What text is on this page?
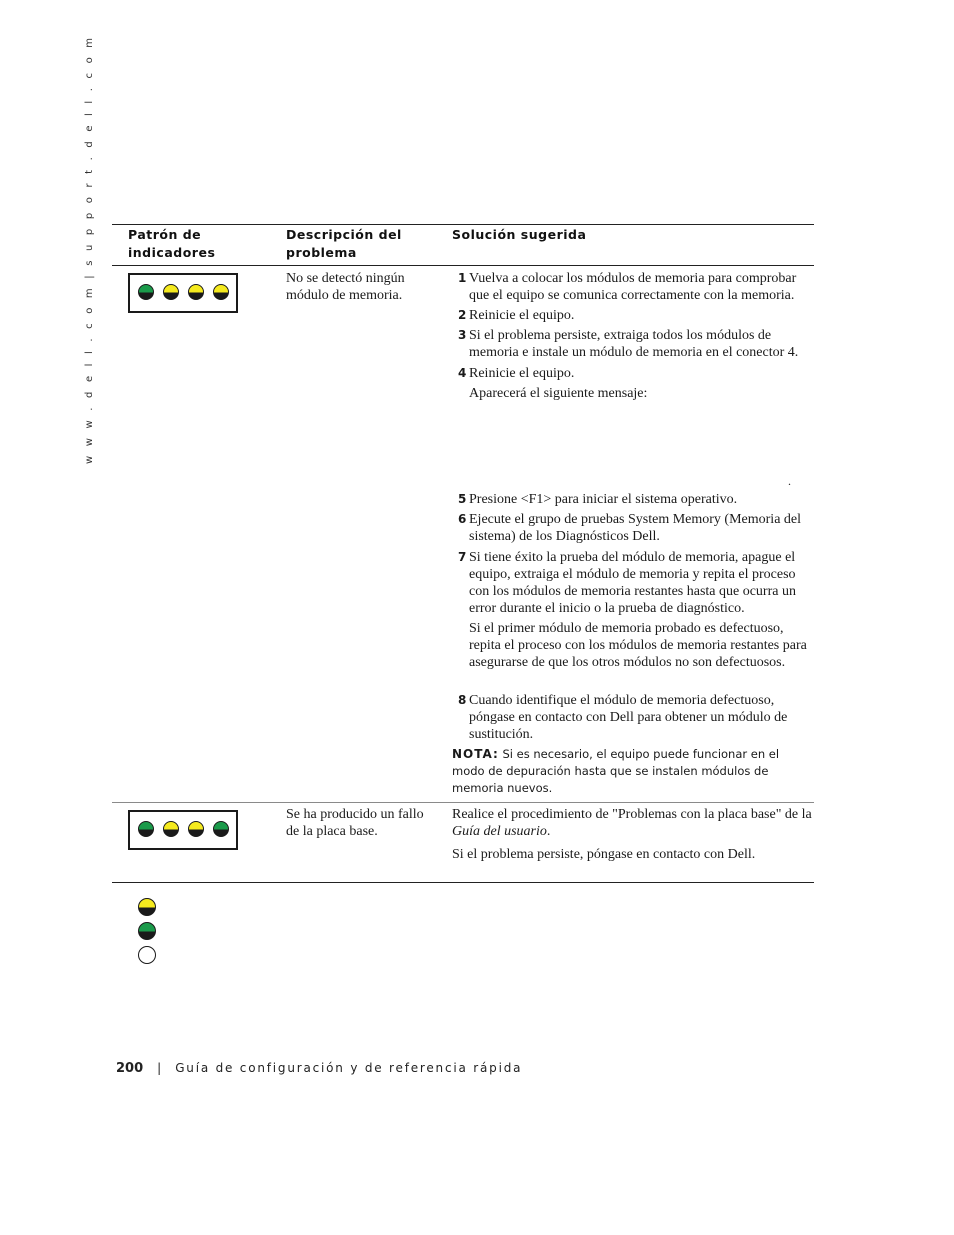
w w w . d e l l . c o m | s u p p o r t . d e l l . c o m	Patrón de indicadores
Descripción del problema
Solución sugerida
No se detectó ningún módulo de memoria.
1 Vuelva a colocar los módulos de memoria para comprobar que el equipo se comunica correctamente con la memoria.
2 Reinicie el equipo.
3 Si el problema persiste, extraiga todos los módulos de memoria e instale un módulo de memoria en el conector 4.
4 Reinicie el equipo.
Aparecerá el siguiente mensaje:
.
5 Presione <F1> para iniciar el sistema operativo.
6 Ejecute el grupo de pruebas System Memory (Memoria del sistema) de los Diagnósticos Dell.
7 Si tiene éxito la prueba del módulo de memoria, apague el equipo, extraiga el módulo de memoria y repita el proceso con los módulos de memoria restantes hasta que ocurra un error durante el inicio o la prueba de diagnóstico.
Si el primer módulo de memoria probado es defectuoso, repita el proceso con los módulos de memoria restantes para asegurarse de que los otros módulos no son defectuosos.
8 Cuando identifique el módulo de memoria defectuoso, póngase en contacto con Dell para obtener un módulo de sustitución.
NOTA: Si es necesario, el equipo puede funcionar en el modo de depuración hasta que se instalen módulos de memoria nuevos.
Se ha producido un fallo de la placa base.
Realice el procedimiento de "Problemas con la placa base" de la Guía del usuario.
Si el problema persiste, póngase en contacto con Dell.
200 | Guía de configuración y de referencia rápida
